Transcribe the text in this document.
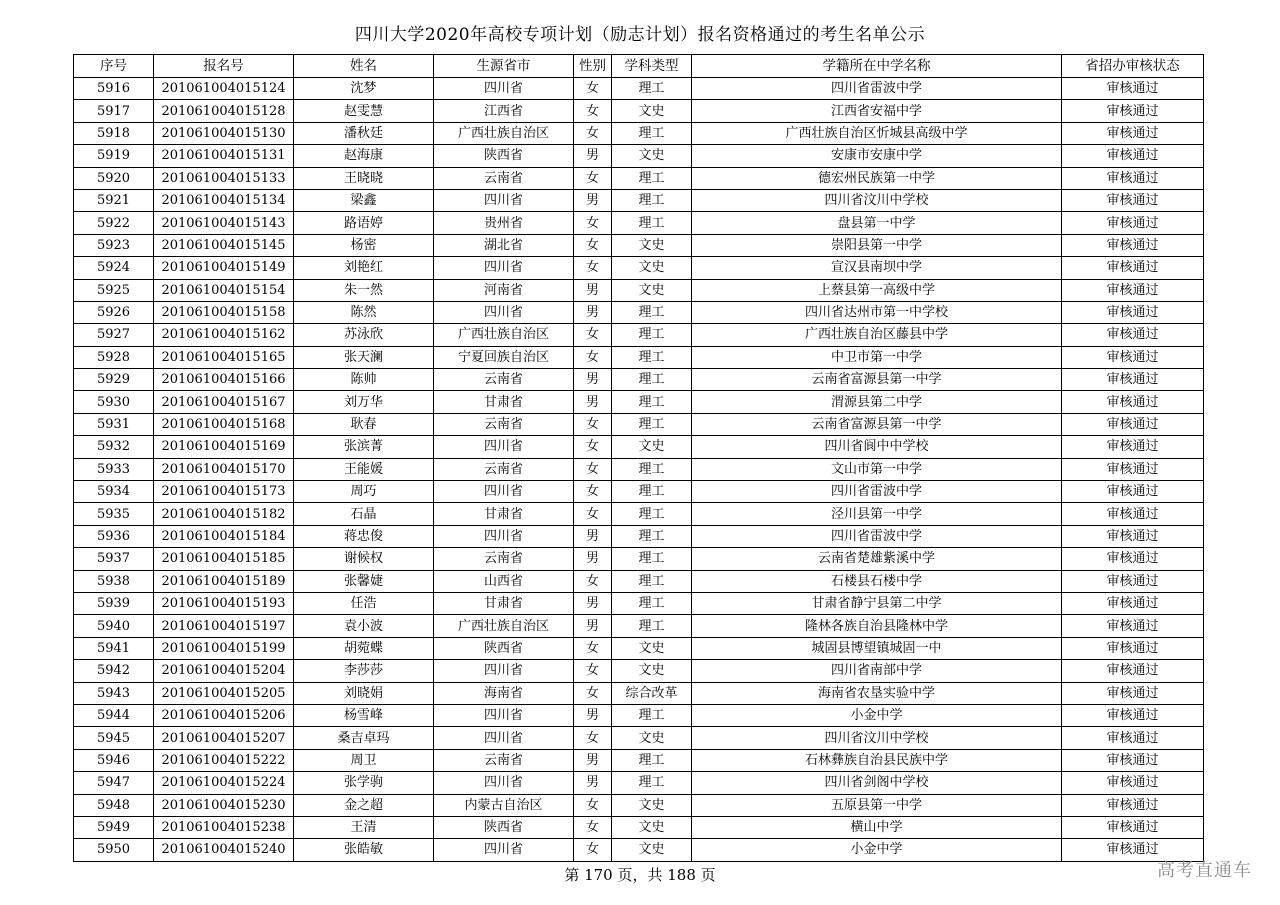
四川大学2020年高校专项计划（励志计划）报名资格通过的考生名单公示
序号	报名号	姓名	生源省市	性别	学科类型	学籍所在中学名称	省招办审核状态
5916	201061004015124	沈梦	四川省	女	理工	四川省雷波中学	审核通过
5917	201061004015128	赵雯慧	江西省	女	文史	江西省安福中学	审核通过
5918	201061004015130	潘秋廷	广西壮族自治区	女	理工	广西壮族自治区忻城县高级中学	审核通过
5919	201061004015131	赵海康	陕西省	男	文史	安康市安康中学	审核通过
5920	201061004015133	王晓晓	云南省	女	理工	德宏州民族第一中学	审核通过
5921	201061004015134	梁鑫	四川省	男	理工	四川省汶川中学校	审核通过
5922	201061004015143	路语婷	贵州省	女	理工	盘县第一中学	审核通过
5923	201061004015145	杨密	湖北省	女	文史	崇阳县第一中学	审核通过
5924	201061004015149	刘艳红	四川省	女	文史	宣汉县南坝中学	审核通过
5925	201061004015154	朱一然	河南省	男	文史	上蔡县第一高级中学	审核通过
5926	201061004015158	陈然	四川省	男	理工	四川省达州市第一中学校	审核通过
5927	201061004015162	苏泳欣	广西壮族自治区	女	理工	广西壮族自治区藤县中学	审核通过
5928	201061004015165	张天澜	宁夏回族自治区	女	理工	中卫市第一中学	审核通过
5929	201061004015166	陈帅	云南省	男	理工	云南省富源县第一中学	审核通过
5930	201061004015167	刘万华	甘肃省	男	理工	渭源县第二中学	审核通过
5931	201061004015168	耿春	云南省	女	理工	云南省富源县第一中学	审核通过
5932	201061004015169	张滨菁	四川省	女	文史	四川省阆中中学校	审核通过
5933	201061004015170	王能媛	云南省	女	理工	文山市第一中学	审核通过
5934	201061004015173	周巧	四川省	女	理工	四川省雷波中学	审核通过
5935	201061004015182	石晶	甘肃省	女	理工	泾川县第一中学	审核通过
5936	201061004015184	蒋忠俊	四川省	男	理工	四川省雷波中学	审核通过
5937	201061004015185	谢候权	云南省	男	理工	云南省楚雄紫溪中学	审核通过
5938	201061004015189	张馨婕	山西省	女	理工	石楼县石楼中学	审核通过
5939	201061004015193	任浩	甘肃省	男	理工	甘肃省静宁县第二中学	审核通过
5940	201061004015197	袁小波	广西壮族自治区	男	理工	隆林各族自治县隆林中学	审核通过
5941	201061004015199	胡菀蝶	陕西省	女	文史	城固县博望镇城固一中	审核通过
5942	201061004015204	李莎莎	四川省	女	文史	四川省南部中学	审核通过
5943	201061004015205	刘晓娟	海南省	女	综合改革	海南省农垦实验中学	审核通过
5944	201061004015206	杨雪峰	四川省	男	理工	小金中学	审核通过
5945	201061004015207	桑吉卓玛	四川省	女	文史	四川省汶川中学校	审核通过
5946	201061004015222	周卫	云南省	男	理工	石林彝族自治县民族中学	审核通过
5947	201061004015224	张学驹	四川省	男	理工	四川省剑阁中学校	审核通过
5948	201061004015230	金之超	内蒙古自治区	女	文史	五原县第一中学	审核通过
5949	201061004015238	王清	陕西省	女	文史	横山中学	审核通过
5950	201061004015240	张皓敏	四川省	女	文史	小金中学	审核通过
第 170 页，共 188 页	高考直通车
